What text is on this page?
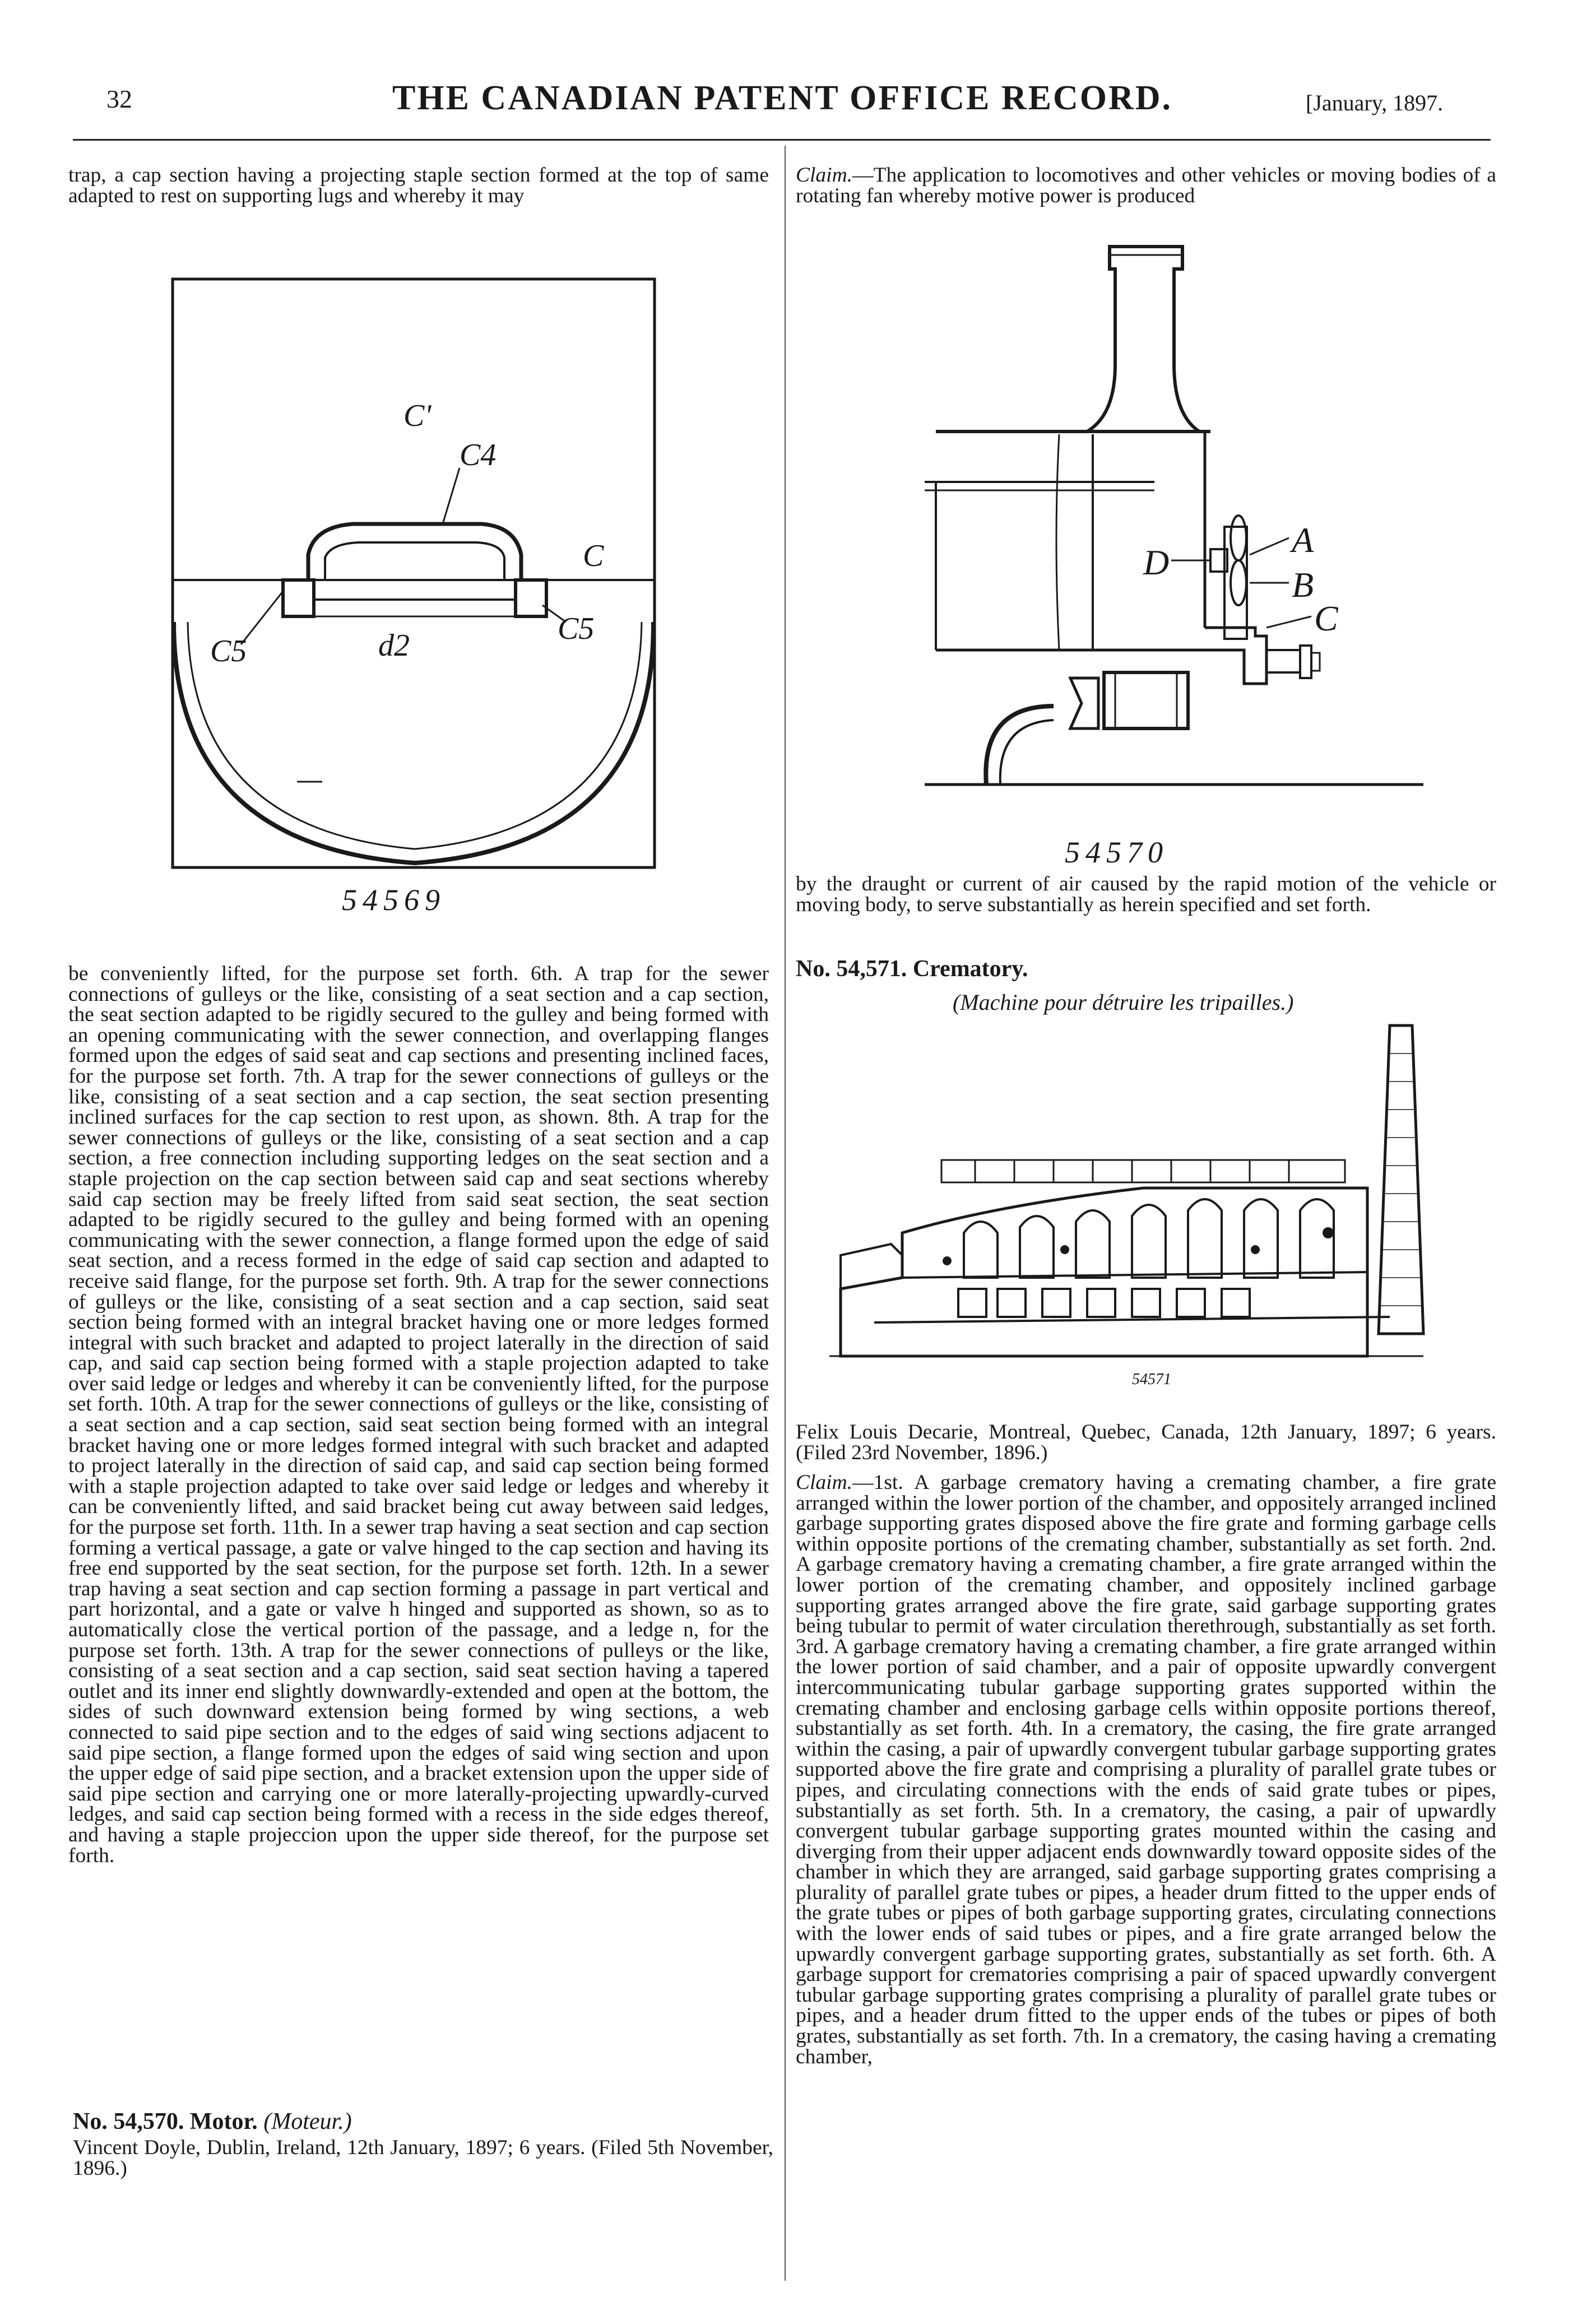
32	THE CANADIAN PATENT OFFICE RECORD.	[January, 1897.
trap, a cap section having a projecting staple section formed at the top of same adapted to rest on supporting lugs and whereby it may
C'
C4
C
C5	d2	C5
54569
be conveniently lifted, for the purpose set forth. 6th. A trap for the sewer connections of gulleys or the like, consisting of a seat section and a cap section, the seat section adapted to be rigidly secured to the gulley and being formed with an opening communicating with the sewer connection, and overlapping flanges formed upon the edges of said seat and cap sections and presenting inclined faces, for the purpose set forth. 7th. A trap for the sewer connections of gulleys or the like, consisting of a seat section and a cap section, the seat section presenting inclined surfaces for the cap section to rest upon, as shown. 8th. A trap for the sewer connections of gulleys or the like, consisting of a seat section and a cap section, a free connection including supporting ledges on the seat section and a staple projection on the cap section between said cap and seat sections whereby said cap section may be freely lifted from said seat section, the seat section adapted to be rigidly secured to the gulley and being formed with an opening communicating with the sewer connection, a flange formed upon the edge of said seat section, and a recess formed in the edge of said cap section and adapted to receive said flange, for the purpose set forth. 9th. A trap for the sewer connections of gulleys or the like, consisting of a seat section and a cap section, said seat section being formed with an integral bracket having one or more ledges formed integral with such bracket and adapted to project laterally in the direction of said cap, and said cap section being formed with a staple projection adapted to take over said ledge or ledges and whereby it can be conveniently lifted, for the purpose set forth. 10th. A trap for the sewer connections of gulleys or the like, consisting of a seat section and a cap section, said seat section being formed with an integral bracket having one or more ledges formed integral with such bracket and adapted to project laterally in the direction of said cap, and said cap section being formed with a staple projection adapted to take over said ledge or ledges and whereby it can be conveniently lifted, and said bracket being cut away between said ledges, for the purpose set forth. 11th. In a sewer trap having a seat section and cap section forming a vertical passage, a gate or valve hinged to the cap section and having its free end supported by the seat section, for the purpose set forth. 12th. In a sewer trap having a seat section and cap section forming a passage in part vertical and part horizontal, and a gate or valve h hinged and supported as shown, so as to automatically close the vertical portion of the passage, and a ledge n, for the purpose set forth. 13th. A trap for the sewer connections of pulleys or the like, consisting of a seat section and a cap section, said seat section having a tapered outlet and its inner end slightly downwardly-extended and open at the bottom, the sides of such downward extension being formed by wing sections, a web connected to said pipe section and to the edges of said wing sections adjacent to said pipe section, a flange formed upon the edges of said wing section and upon the upper edge of said pipe section, and a bracket extension upon the upper side of said pipe section and carrying one or more laterally-projecting upwardly-curved ledges, and said cap section being formed with a recess in the side edges thereof, and having a staple projeccion upon the upper side thereof, for the purpose set forth.
No. 54,570. Motor. (Moteur.)
Vincent Doyle, Dublin, Ireland, 12th January, 1897; 6 years. (Filed 5th November, 1896.)
Claim.—The application to locomotives and other vehicles or moving bodies of a rotating fan whereby motive power is produced
A
B
C
D
54570
by the draught or current of air caused by the rapid motion of the vehicle or moving body, to serve substantially as herein specified and set forth.
No. 54,571. Crematory.
(Machine pour détruire les tripailles.)
54571
Felix Louis Decarie, Montreal, Quebec, Canada, 12th January, 1897; 6 years. (Filed 23rd November, 1896.)
Claim.—1st. A garbage crematory having a cremating chamber, a fire grate arranged within the lower portion of the chamber, and oppositely arranged inclined garbage supporting grates disposed above the fire grate and forming garbage cells within opposite portions of the cremating chamber, substantially as set forth. 2nd. A garbage crematory having a cremating chamber, a fire grate arranged within the lower portion of the cremating chamber, and oppositely inclined garbage supporting grates arranged above the fire grate, said garbage supporting grates being tubular to permit of water circulation therethrough, substantially as set forth. 3rd. A garbage crematory having a cremating chamber, a fire grate arranged within the lower portion of said chamber, and a pair of opposite upwardly convergent intercommunicating tubular garbage supporting grates supported within the cremating chamber and enclosing garbage cells within opposite portions thereof, substantially as set forth. 4th. In a crematory, the casing, the fire grate arranged within the casing, a pair of upwardly convergent tubular garbage supporting grates supported above the fire grate and comprising a plurality of parallel grate tubes or pipes, and circulating connections with the ends of said grate tubes or pipes, substantially as set forth. 5th. In a crematory, the casing, a pair of upwardly convergent tubular garbage supporting grates mounted within the casing and diverging from their upper adjacent ends downwardly toward opposite sides of the chamber in which they are arranged, said garbage supporting grates comprising a plurality of parallel grate tubes or pipes, a header drum fitted to the upper ends of the grate tubes or pipes of both garbage supporting grates, circulating connections with the lower ends of said tubes or pipes, and a fire grate arranged below the upwardly convergent garbage supporting grates, substantially as set forth. 6th. A garbage support for crematories comprising a pair of spaced upwardly convergent tubular garbage supporting grates comprising a plurality of parallel grate tubes or pipes, and a header drum fitted to the upper ends of the tubes or pipes of both grates, substantially as set forth. 7th. In a crematory, the casing having a cremating chamber,
